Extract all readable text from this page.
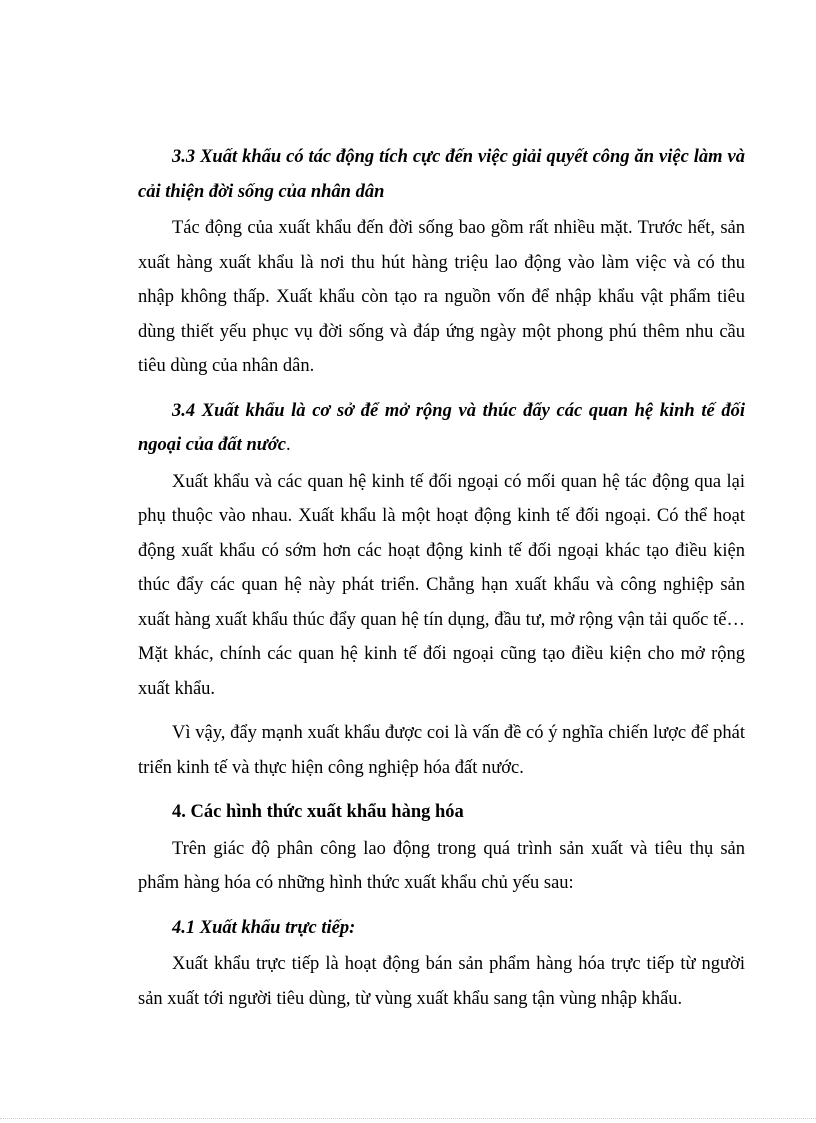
3.3 Xuất khẩu có tác động tích cực đến việc giải quyết công ăn việc làm và cải thiện đời sống của nhân dân

Tác động của xuất khẩu đến đời sống bao gồm rất nhiều mặt. Trước hết, sản xuất hàng xuất khẩu là nơi thu hút hàng triệu lao động vào làm việc và có thu nhập không thấp. Xuất khẩu còn tạo ra nguồn vốn để nhập khẩu vật phẩm tiêu dùng thiết yếu phục vụ đời sống và đáp ứng ngày một phong phú thêm nhu cầu tiêu dùng của nhân dân.

3.4 Xuất khẩu là cơ sở để mở rộng và thúc đẩy các quan hệ kinh tế đối ngoại của đất nước.

Xuất khẩu và các quan hệ kinh tế đối ngoại có mối quan hệ tác động qua lại phụ thuộc vào nhau. Xuất khẩu là một hoạt động kinh tế đối ngoại. Có thể hoạt động xuất khẩu có sớm hơn các hoạt động kinh tế đối ngoại khác tạo điều kiện thúc đẩy các quan hệ này phát triển. Chẳng hạn xuất khẩu và công nghiệp sản xuất hàng xuất khẩu thúc đẩy quan hệ tín dụng, đầu tư, mở rộng vận tải quốc tế…Mặt khác, chính các quan hệ kinh tế đối ngoại cũng tạo điều kiện cho mở rộng xuất khẩu.

Vì vậy, đẩy mạnh xuất khẩu được coi là vấn đề có ý nghĩa chiến lược để phát triển kinh tế và thực hiện công nghiệp hóa đất nước.

4. Các hình thức xuất khẩu hàng hóa

Trên giác độ phân công lao động trong quá trình sản xuất và tiêu thụ sản phẩm hàng hóa có những hình thức xuất khẩu chủ yếu sau:

4.1 Xuất khẩu trực tiếp:

Xuất khẩu trực tiếp là hoạt động bán sản phẩm hàng hóa trực tiếp từ người sản xuất tới người tiêu dùng, từ vùng xuất khẩu sang tận vùng nhập khẩu.
